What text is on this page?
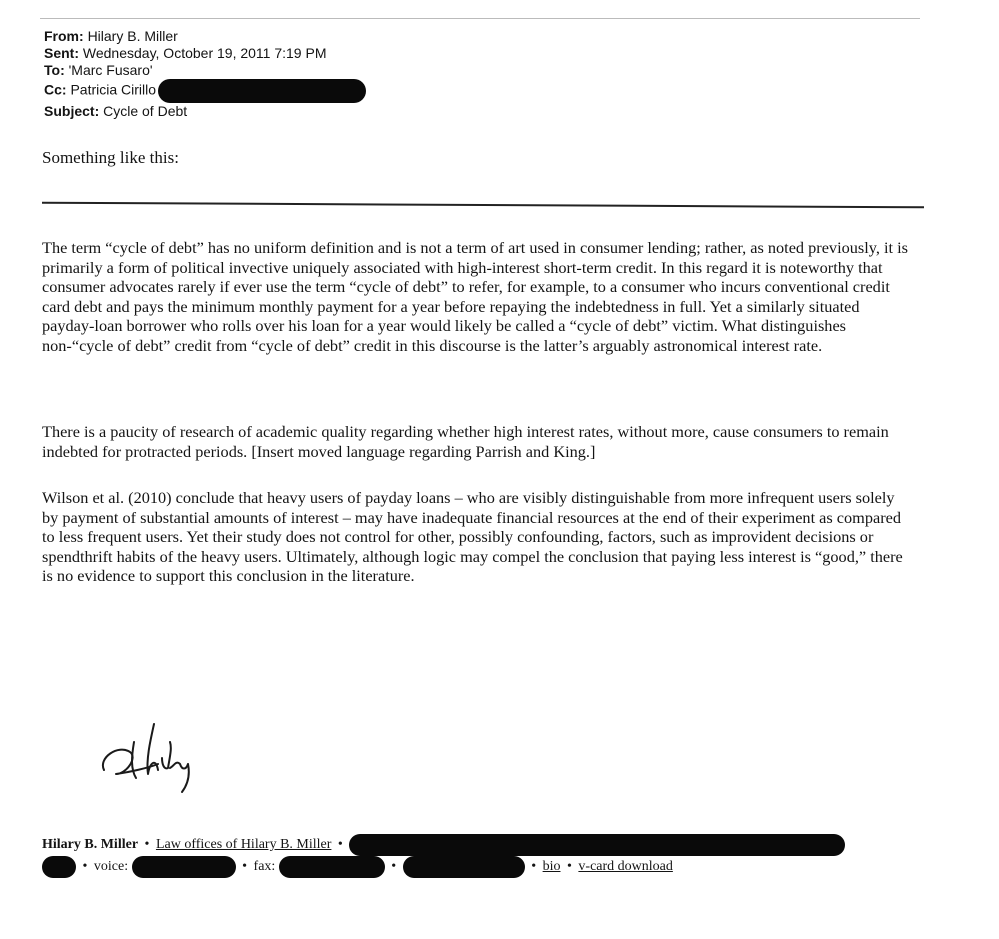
From: Hilary B. Miller
Sent: Wednesday, October 19, 2011 7:19 PM
To: 'Marc Fusaro'
Cc: Patricia Cirillo
Subject: Cycle of Debt
Something like this:

The term “cycle of debt” has no uniform definition and is not a term of art used in consumer lending; rather, as noted previously, it is primarily a form of political invective uniquely associated with high-interest short-term credit. In this regard it is noteworthy that consumer advocates rarely if ever use the term “cycle of debt” to refer, for example, to a consumer who incurs conventional credit card debt and pays the minimum monthly payment for a year before repaying the indebtedness in full. Yet a similarly situated payday-loan borrower who rolls over his loan for a year would likely be called a “cycle of debt” victim. What distinguishes non-“cycle of debt” credit from “cycle of debt” credit in this discourse is the latter’s arguably astronomical interest rate.

There is a paucity of research of academic quality regarding whether high interest rates, without more, cause consumers to remain indebted for protracted periods. [Insert moved language regarding Parrish and King.]

Wilson et al. (2010) conclude that heavy users of payday loans – who are visibly distinguishable from more infrequent users solely by payment of substantial amounts of interest – may have inadequate financial resources at the end of their experiment as compared to less frequent users. Yet their study does not control for other, possibly confounding, factors, such as improvident decisions or spendthrift habits of the heavy users. Ultimately, although logic may compel the conclusion that paying less interest is “good,” there is no evidence to support this conclusion in the literature.

Hilary B. Miller • Law offices of Hilary B. Miller •
• voice:	• fax:	•	• bio • v-card download
